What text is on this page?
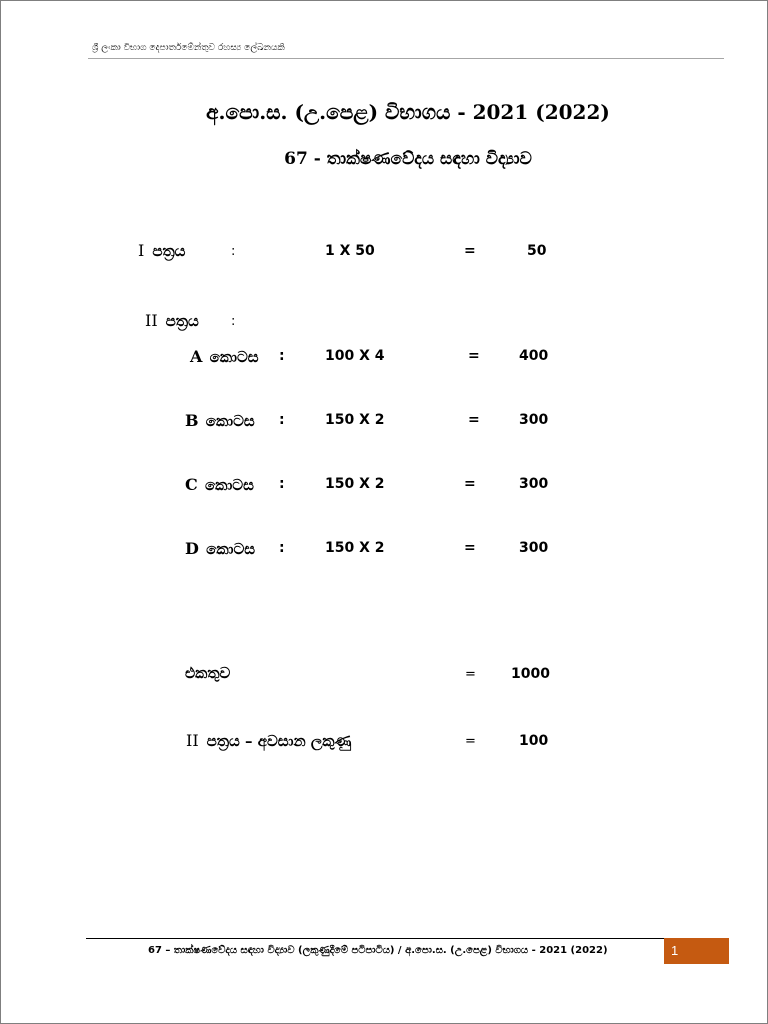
ශ්‍රී ලංකා විභාග දෙපාර්තමේන්තුව රහස්‍ය ලේඛනයකි
අ.පො.ස. (උ.පෙළ) විභාගය - 2021 (2022)
67 - තාක්ෂණවේදය සඳහා විද්‍යාව
I පත්‍රය	:	1 X 50	=	50
II පත්‍රය :
A කොටස :	100 X 4	=	400
B කොටස :	150 X 2	=	300
C කොටස :	150 X 2	=	300
D කොටස :	150 X 2	=	300
එකතුව	=	1000
II පත්‍රය – අවසාන ලකුණු	=	100
67 – තාක්ෂණවේදය සඳහා විද්‍යාව (ලකුණුදීමේ පටිපාටිය) / අ.පො.ස. (උ.පෙළ) විභාගය - 2021 (2022)	1
